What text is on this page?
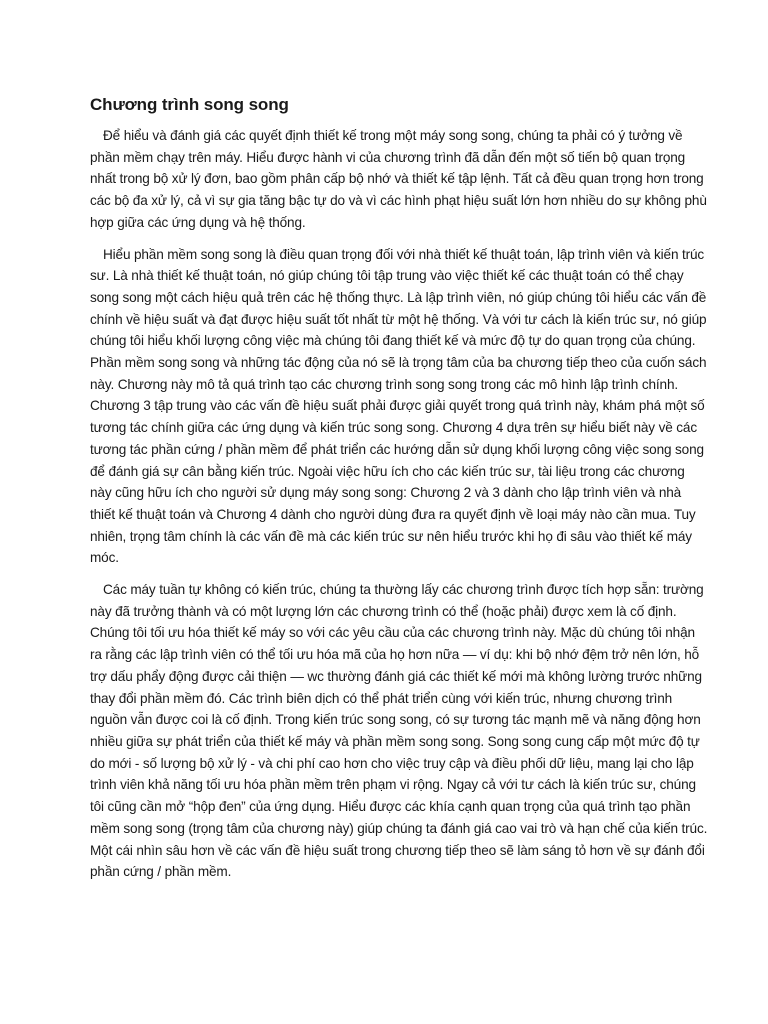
Chương trình song song

Để hiểu và đánh giá các quyết định thiết kế trong một máy song song, chúng ta phải có ý tưởng về phần mềm chạy trên máy. Hiểu được hành vi của chương trình đã dẫn đến một số tiến bộ quan trọng nhất trong bộ xử lý đơn, bao gồm phân cấp bộ nhớ và thiết kế tập lệnh. Tất cả đều quan trọng hơn trong các bộ đa xử lý, cả vì sự gia tăng bậc tự do và vì các hình phạt hiệu suất lớn hơn nhiều do sự không phù hợp giữa các ứng dụng và hệ thống.

Hiểu phần mềm song song là điều quan trọng đối với nhà thiết kế thuật toán, lập trình viên và kiến trúc sư. Là nhà thiết kế thuật toán, nó giúp chúng tôi tập trung vào việc thiết kế các thuật toán có thể chạy song song một cách hiệu quả trên các hệ thống thực. Là lập trình viên, nó giúp chúng tôi hiểu các vấn đề chính về hiệu suất và đạt được hiệu suất tốt nhất từ một hệ thống. Và với tư cách là kiến trúc sư, nó giúp chúng tôi hiểu khối lượng công việc mà chúng tôi đang thiết kế và mức độ tự do quan trọng của chúng. Phần mềm song song và những tác động của nó sẽ là trọng tâm của ba chương tiếp theo của cuốn sách này. Chương này mô tả quá trình tạo các chương trình song song trong các mô hình lập trình chính. Chương 3 tập trung vào các vấn đề hiệu suất phải được giải quyết trong quá trình này, khám phá một số tương tác chính giữa các ứng dụng và kiến trúc song song. Chương 4 dựa trên sự hiểu biết này về các tương tác phần cứng / phần mềm để phát triển các hướng dẫn sử dụng khối lượng công việc song song để đánh giá sự cân bằng kiến trúc. Ngoài việc hữu ích cho các kiến trúc sư, tài liệu trong các chương này cũng hữu ích cho người sử dụng máy song song: Chương 2 và 3 dành cho lập trình viên và nhà thiết kế thuật toán và Chương 4 dành cho người dùng đưa ra quyết định về loại máy nào cần mua. Tuy nhiên, trọng tâm chính là các vấn đề mà các kiến trúc sư nên hiểu trước khi họ đi sâu vào thiết kế máy móc.

Các máy tuần tự không có kiến trúc, chúng ta thường lấy các chương trình được tích hợp sẵn: trường này đã trưởng thành và có một lượng lớn các chương trình có thể (hoặc phải) được xem là cố định. Chúng tôi tối ưu hóa thiết kế máy so với các yêu cầu của các chương trình này. Mặc dù chúng tôi nhận ra rằng các lập trình viên có thể tối ưu hóa mã của họ hơn nữa — ví dụ: khi bộ nhớ đệm trở nên lớn, hỗ trợ dấu phẩy động được cải thiện — wc thường đánh giá các thiết kế mới mà không lường trước những thay đổi phần mềm đó. Các trình biên dịch có thể phát triển cùng với kiến trúc, nhưng chương trình nguồn vẫn được coi là cố định. Trong kiến trúc song song, có sự tương tác mạnh mẽ và năng động hơn nhiều giữa sự phát triển của thiết kế máy và phần mềm song song. Song song cung cấp một mức độ tự do mới - số lượng bộ xử lý - và chi phí cao hơn cho việc truy cập và điều phối dữ liệu, mang lại cho lập trình viên khả năng tối ưu hóa phần mềm trên phạm vi rộng. Ngay cả với tư cách là kiến trúc sư, chúng tôi cũng cần mở “hộp đen” của ứng dụng. Hiểu được các khía cạnh quan trọng của quá trình tạo phần mềm song song (trọng tâm của chương này) giúp chúng ta đánh giá cao vai trò và hạn chế của kiến trúc. Một cái nhìn sâu hơn về các vấn đề hiệu suất trong chương tiếp theo sẽ làm sáng tỏ hơn về sự đánh đổi phần cứng / phần mềm.
